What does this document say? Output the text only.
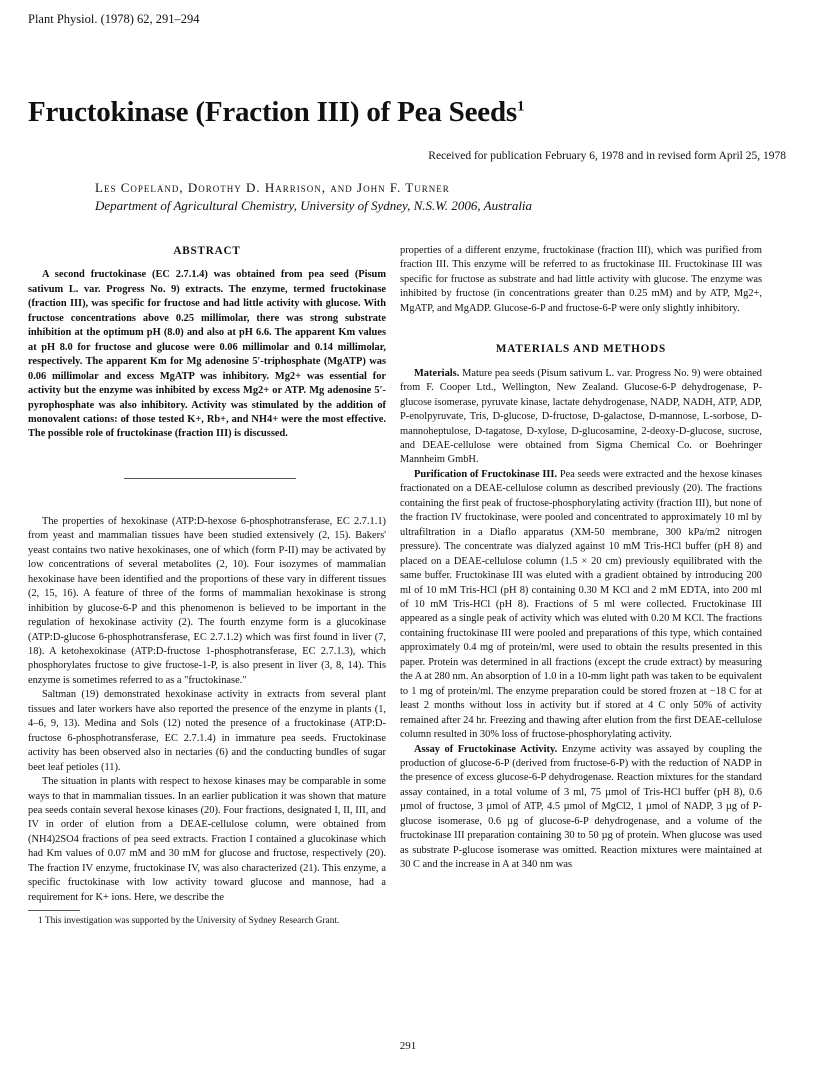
Plant Physiol. (1978) 62, 291–294
Fructokinase (Fraction III) of Pea Seeds$^1$
Received for publication February 6, 1978 and in revised form April 25, 1978
Les Copeland, Dorothy D. Harrison, and John F. Turner
Department of Agricultural Chemistry, University of Sydney, N.S.W. 2006, Australia
ABSTRACT

A second fructokinase (EC 2.7.1.4) was obtained from pea seed (Pisum sativum L. var. Progress No. 9) extracts. The enzyme, termed fructokinase (fraction III), was specific for fructose and had little activity with glucose. With fructose concentrations above 0.25 millimolar, there was strong substrate inhibition at the optimum pH (8.0) and also at pH 6.6. The apparent Km values at pH 8.0 for fructose and glucose were 0.06 millimolar and 0.14 millimolar, respectively. The apparent Km for Mg adenosine 5′-triphosphate (MgATP) was 0.06 millimolar and excess MgATP was inhibitory. Mg2+ was essential for activity but the enzyme was inhibited by excess Mg2+ or ATP. Mg adenosine 5′-pyrophosphate was also inhibitory. Activity was stimulated by the addition of monovalent cations: of those tested K+, Rb+, and NH4+ were the most effective. The possible role of fructokinase (fraction III) is discussed.

The properties of hexokinase (ATP:D-hexose 6-phosphotransferase, EC 2.7.1.1) from yeast and mammalian tissues have been studied extensively (2, 15). Bakers' yeast contains two native hexokinases, one of which (form P-II) may be activated by low concentrations of several metabolites (2, 10). Four isozymes of mammalian hexokinase have been identified and the proportions of these vary in different tissues (2, 15, 16). A feature of three of the forms of mammalian hexokinase is strong inhibition by glucose-6-P and this phenomenon is believed to be important in the regulation of hexokinase activity (2). The fourth enzyme form is a glucokinase (ATP:D-glucose 6-phosphotransferase, EC 2.7.1.2) which was first found in liver (7, 18). A ketohexokinase (ATP:D-fructose 1-phosphotransferase, EC 2.7.1.3), which phosphorylates fructose to give fructose-1-P, is also present in liver (3, 8, 14). This enzyme is sometimes referred to as a "fructokinase."

Saltman (19) demonstrated hexokinase activity in extracts from several plant tissues and later workers have also reported the presence of the enzyme in plants (1, 4–6, 9, 13). Medina and Sols (12) noted the presence of a fructokinase (ATP:D-fructose 6-phosphotransferase, EC 2.7.1.4) in immature pea seeds. Fructokinase activity has been observed also in nectaries (6) and the conducting bundles of sugar beet leaf petioles (11).

The situation in plants with respect to hexose kinases may be comparable in some ways to that in mammalian tissues. In an earlier publication it was shown that mature pea seeds contain several hexose kinases (20). Four fractions, designated I, II, III, and IV in order of elution from a DEAE-cellulose column, were obtained from (NH4)2SO4 fractions of pea seed extracts. Fraction I contained a glucokinase which had Km values of 0.07 mM and 30 mM for glucose and fructose, respectively (20). The fraction IV enzyme, fructokinase IV, was also characterized (21). This enzyme, a specific fructokinase with low activity toward glucose and mannose, had a requirement for K+ ions. Here, we describe the

1 This investigation was supported by the University of Sydney Research Grant.

properties of a different enzyme, fructokinase (fraction III), which was purified from fraction III. This enzyme will be referred to as fructokinase III. Fructokinase III was specific for fructose as substrate and had little activity with glucose. The enzyme was inhibited by fructose (in concentrations greater than 0.25 mM) and by ATP, Mg2+, MgATP, and MgADP. Glucose-6-P and fructose-6-P were only slightly inhibitory.

MATERIALS AND METHODS

Materials. Mature pea seeds (Pisum sativum L. var. Progress No. 9) were obtained from F. Cooper Ltd., Wellington, New Zealand. Glucose-6-P dehydrogenase, P-glucose isomerase, pyruvate kinase, lactate dehydrogenase, NADP, NADH, ATP, ADP, P-enolpyruvate, Tris, D-glucose, D-fructose, D-galactose, D-mannose, L-sorbose, D-mannoheptulose, D-tagatose, D-xylose, D-glucosamine, 2-deoxy-D-glucose, sucrose, and DEAE-cellulose were obtained from Sigma Chemical Co. or Boehringer Mannheim GmbH.

Purification of Fructokinase III. Pea seeds were extracted and the hexose kinases fractionated on a DEAE-cellulose column as described previously (20). The fractions containing the first peak of fructose-phosphorylating activity (fraction III), but none of the fraction IV fructokinase, were pooled and concentrated to approximately 10 ml by ultrafiltration in a Diaflo apparatus (XM-50 membrane, 300 kPa/m2 nitrogen pressure). The concentrate was dialyzed against 10 mM Tris-HCl buffer (pH 8) and placed on a DEAE-cellulose column (1.5 × 20 cm) previously equilibrated with the same buffer. Fructokinase III was eluted with a gradient obtained by introducing 200 ml of 10 mM Tris-HCl (pH 8) containing 0.30 M KCl and 2 mM EDTA, into 200 ml of 10 mM Tris-HCl (pH 8). Fractions of 5 ml were collected. Fructokinase III appeared as a single peak of activity which was eluted with 0.20 M KCl. The fractions containing fructokinase III were pooled and preparations of this type, which contained approximately 0.4 mg of protein/ml, were used to obtain the results presented in this paper. Protein was determined in all fractions (except the crude extract) by measuring the A at 280 nm. An absorption of 1.0 in a 10-mm light path was taken to be equivalent to 1 mg of protein/ml. The enzyme preparation could be stored frozen at −18 C for at least 2 months without loss in activity but if stored at 4 C only 50% of activity remained after 24 hr. Freezing and thawing after elution from the first DEAE-cellulose column resulted in 30% loss of fructose-phosphorylating activity.

Assay of Fructokinase Activity. Enzyme activity was assayed by coupling the production of glucose-6-P (derived from fructose-6-P) with the reduction of NADP in the presence of excess glucose-6-P dehydrogenase. Reaction mixtures for the standard assay contained, in a total volume of 3 ml, 75 µmol of Tris-HCl buffer (pH 8), 0.6 µmol of fructose, 3 µmol of ATP, 4.5 µmol of MgCl2, 1 µmol of NADP, 3 µg of P-glucose isomerase, 0.6 µg of glucose-6-P dehydrogenase, and a volume of the fructokinase III preparation containing 30 to 50 µg of protein. When glucose was used as substrate P-glucose isomerase was omitted. Reaction mixtures were maintained at 30 C and the increase in A at 340 nm was

291
